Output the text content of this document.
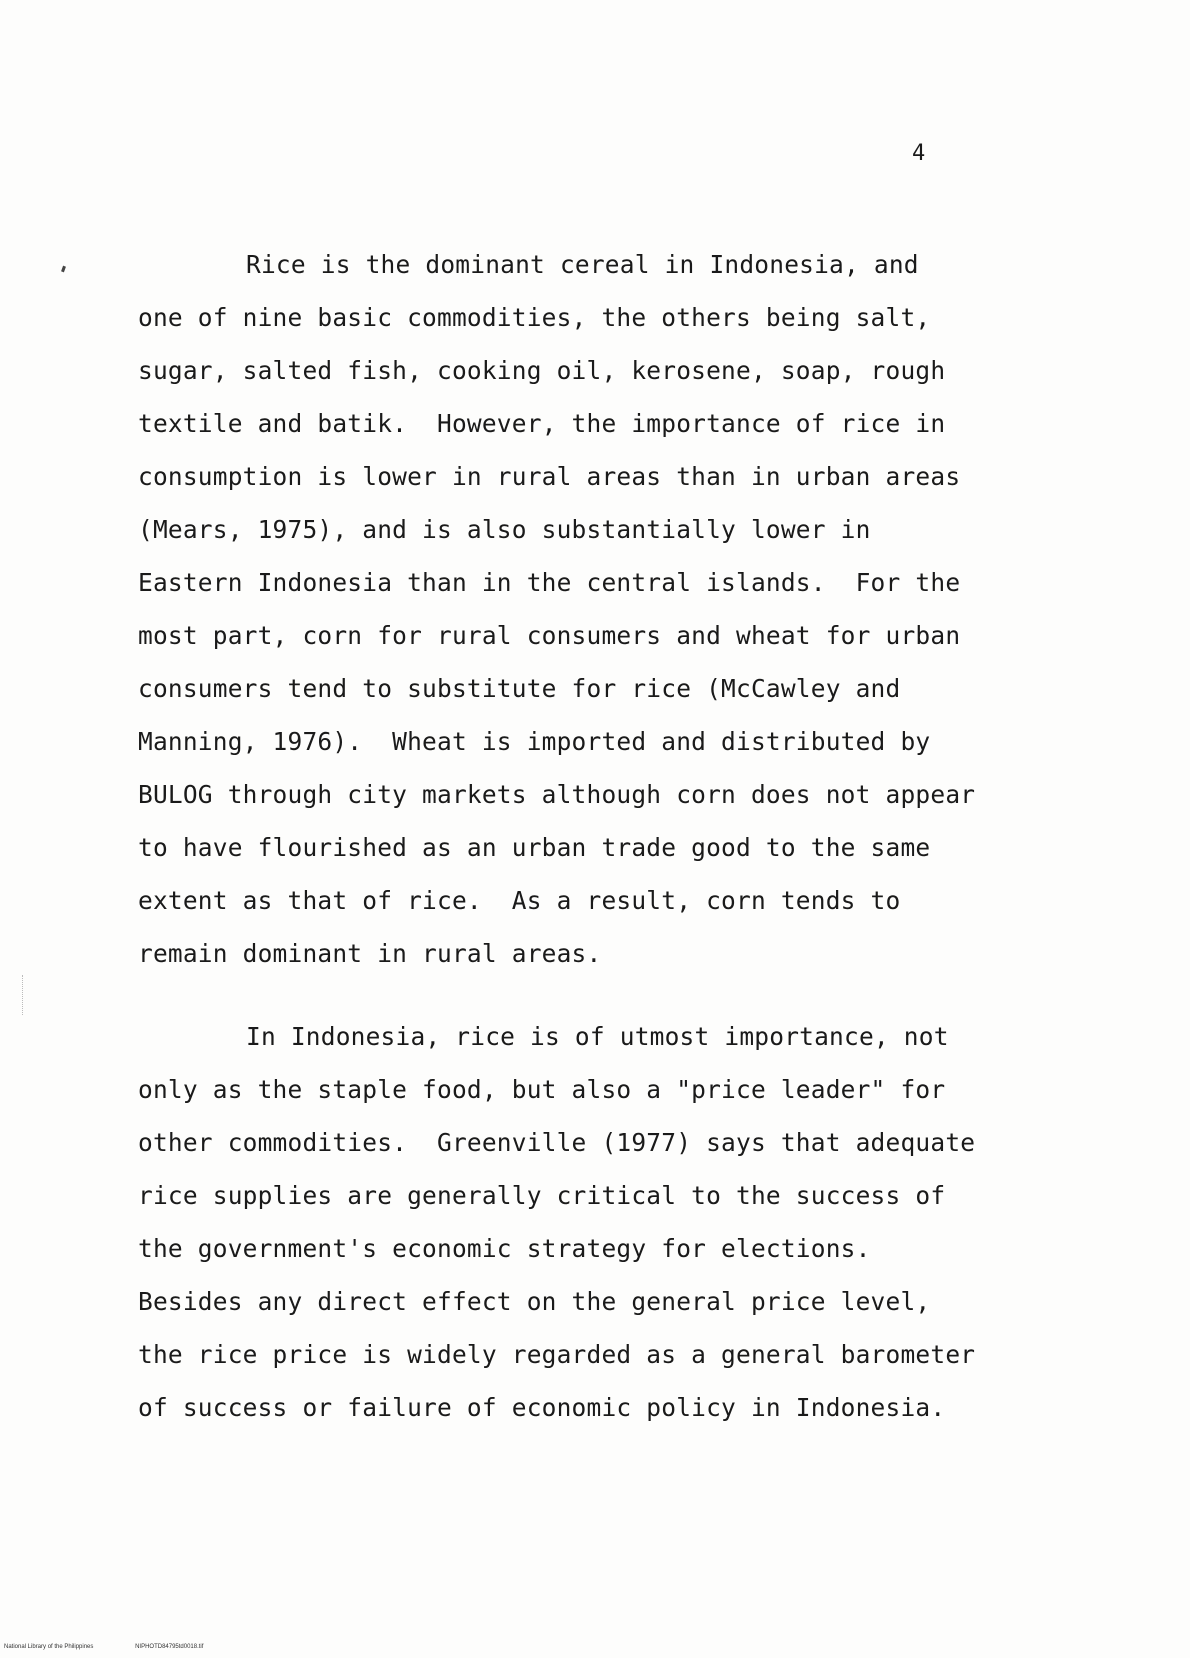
4
Rice is the dominant cereal in Indonesia, and
one of nine basic commodities, the others being salt,
sugar, salted fish, cooking oil, kerosene, soap, rough
textile and batik.  However, the importance of rice in
consumption is lower in rural areas than in urban areas
(Mears, 1975), and is also substantially lower in
Eastern Indonesia than in the central islands.  For the
most part, corn for rural consumers and wheat for urban
consumers tend to substitute for rice (McCawley and
Manning, 1976).  Wheat is imported and distributed by
BULOG through city markets although corn does not appear
to have flourished as an urban trade good to the same
extent as that of rice.  As a result, corn tends to
remain dominant in rural areas.
In Indonesia, rice is of utmost importance, not
only as the staple food, but also a "price leader" for
other commodities.  Greenville (1977) says that adequate
rice supplies are generally critical to the success of
the government's economic strategy for elections.
Besides any direct effect on the general price level,
the rice price is widely regarded as a general barometer
of success or failure of economic policy in Indonesia.
National Library of the Philippines	NIPHOTD84795td0018.tif
